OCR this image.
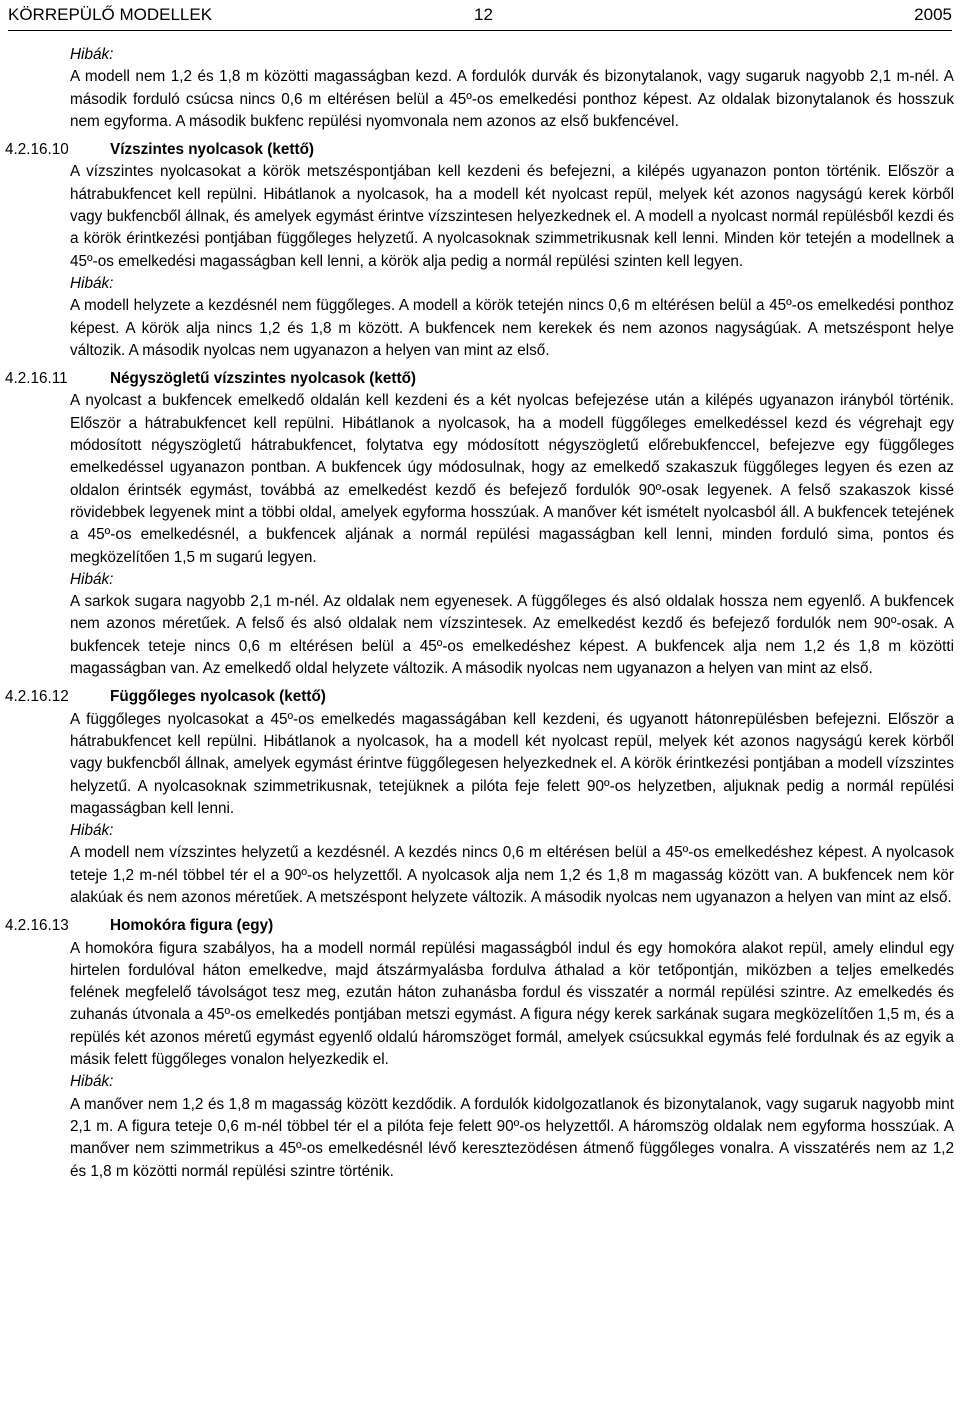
KÖRREPÜLŐ MODELLEK	12	2005
Hibák:

A modell nem 1,2 és 1,8 m közötti magasságban kezd. A fordulók durvák és bizonytalanok, vagy sugaruk nagyobb 2,1 m-nél. A második forduló csúcsa nincs 0,6 m eltérésen belül a 45º-os emelkedési ponthoz képest. Az oldalak bizonytalanok és hosszuk nem egyforma. A második bukfenc repülési nyomvonala nem azonos az első bukfencével.

4.2.16.10	Vízszintes nyolcasok (kettő)

A vízszintes nyolcasokat a körök metszéspontjában kell kezdeni és befejezni, a kilépés ugyanazon ponton történik. Először a hátrabukfencet kell repülni. Hibátlanok a nyolcasok, ha a modell két nyolcast repül, melyek két azonos nagyságú kerek körből vagy bukfencből állnak, és amelyek egymást érintve vízszintesen helyezkednek el. A modell a nyolcast normál repülésből kezdi és a körök érintkezési pontjában függőleges helyzetű. A nyolcasoknak szimmetrikusnak kell lenni. Minden kör tetején a modellnek a 45º-os emelkedési magasságban kell lenni, a körök alja pedig a normál repülési szinten kell legyen.

Hibák:

A modell helyzete a kezdésnél nem függőleges. A modell a körök tetején nincs 0,6 m eltérésen belül a 45º-os emelkedési ponthoz képest. A körök alja nincs 1,2 és 1,8 m között. A bukfencek nem kerekek és nem azonos nagyságúak. A metszéspont helye változik. A második nyolcas nem ugyanazon a helyen van mint az első.

4.2.16.11	Négyszögletű vízszintes nyolcasok (kettő)

A nyolcast a bukfencek emelkedő oldalán kell kezdeni és a két nyolcas befejezése után a kilépés ugyanazon irányból történik. Először a hátrabukfencet kell repülni. Hibátlanok a nyolcasok, ha a modell függőleges emelkedéssel kezd és végrehajt egy módosított négyszögletű hátrabukfencet, folytatva egy módosított négyszögletű előrebukfenccel, befejezve egy függőleges emelkedéssel ugyanazon pontban. A bukfencek úgy módosulnak, hogy az emelkedő szakaszuk függőleges legyen és ezen az oldalon érintsék egymást, továbbá az emelkedést kezdő és befejező fordulók 90º-osak legyenek. A felső szakaszok kissé rövidebbek legyenek mint a többi oldal, amelyek egyforma hosszúak. A manőver két ismételt nyolcasból áll. A bukfencek tetejének a 45º-os emelkedésnél, a bukfencek aljának a normál repülési magasságban kell lenni, minden forduló sima, pontos és megközelítően 1,5 m sugarú legyen.

Hibák:

A sarkok sugara nagyobb 2,1 m-nél. Az oldalak nem egyenesek. A függőleges és alsó oldalak hossza nem egyenlő. A bukfencek nem azonos méretűek. A felső és alsó oldalak nem vízszintesek. Az emelkedést kezdő és befejező fordulók nem 90º-osak. A bukfencek teteje nincs 0,6 m eltérésen belül a 45º-os emelkedéshez képest. A bukfencek alja nem 1,2 és 1,8 m közötti magasságban van. Az emelkedő oldal helyzete változik. A második nyolcas nem ugyanazon a helyen van mint az első.

4.2.16.12	Függőleges nyolcasok (kettő)

A függőleges nyolcasokat a 45º-os emelkedés magasságában kell kezdeni, és ugyanott hátonrepülésben befejezni. Először a hátrabukfencet kell repülni. Hibátlanok a nyolcasok, ha a modell két nyolcast repül, melyek két azonos nagyságú kerek körből vagy bukfencből állnak, amelyek egymást érintve függőlegesen helyezkednek el. A körök érintkezési pontjában a modell vízszintes helyzetű. A nyolcasoknak szimmetrikusnak, tetejüknek a pilóta feje felett 90º-os helyzetben, aljuknak pedig a normál repülési magasságban kell lenni.

Hibák:

A modell nem vízszintes helyzetű a kezdésnél. A kezdés nincs 0,6 m eltérésen belül a 45º-os emelkedéshez képest. A nyolcasok teteje 1,2 m-nél többel tér el a 90º-os helyzettől. A nyolcasok alja nem 1,2 és 1,8 m magasság között van. A bukfencek nem kör alakúak és nem azonos méretűek. A metszéspont helyzete változik. A második nyolcas nem ugyanazon a helyen van mint az első.

4.2.16.13	Homokóra figura (egy)

A homokóra figura szabályos, ha a modell normál repülési magasságból indul és egy homokóra alakot repül, amely elindul egy hirtelen fordulóval háton emelkedve, majd átszármyalásba fordulva áthalad a kör tetőpontján, miközben a teljes emelkedés felének megfelelő távolságot tesz meg, ezután háton zuhanásba fordul és visszatér a normál repülési szintre. Az emelkedés és zuhanás útvonala a 45º-os emelkedés pontjában metszi egymást. A figura négy kerek sarkának sugara megközelítően 1,5 m, és a repülés két azonos méretű egymást egyenlő oldalú háromszöget formál, amelyek csúcsukkal egymás felé fordulnak és az egyik a másik felett függőleges vonalon helyezkedik el.

Hibák:

A manőver nem 1,2 és 1,8 m magasság között kezdődik. A fordulók kidolgozatlanok és bizonytalanok, vagy sugaruk nagyobb mint 2,1 m. A figura teteje 0,6 m-nél többel tér el a pilóta feje felett 90º-os helyzettől. A háromszög oldalak nem egyforma hosszúak. A manőver nem szimmetrikus a 45º-os emelkedésnél lévő keresztezödésen átmenő függőleges vonalra. A visszatérés nem az 1,2 és 1,8 m közötti normál repülési szintre történik.
